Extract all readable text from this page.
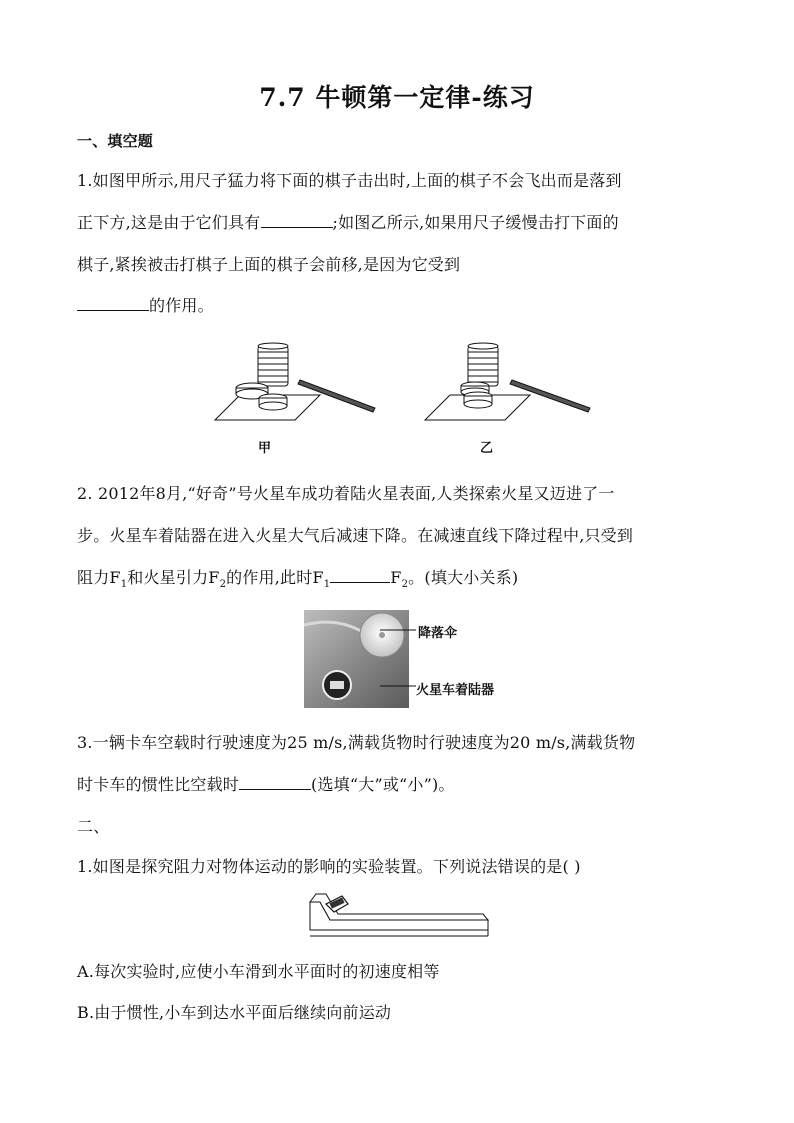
7.7 牛顿第一定律-练习
一、填空题
1.如图甲所示,用尺子猛力将下面的棋子击出时,上面的棋子不会飞出而是落到
正下方,这是由于它们具有	;如图乙所示,如果用尺子缓慢击打下面的
棋子,紧挨被击打棋子上面的棋子会前移,是因为它受到
的作用。
甲	乙
2. 2012年8月,“好奇”号火星车成功着陆火星表面,人类探索火星又迈进了一
步。火星车着陆器在进入火星大气后减速下降。在减速直线下降过程中,只受到
阻力$F_1$和火星引力$F_2$的作用,此时$F_1$	$F_2$。(填大小关系)
降落伞
火星车着陆器
3.一辆卡车空载时行驶速度为25 m/s,满载货物时行驶速度为20 m/s,满载货物
时卡车的惯性比空载时	(选填“大”或“小”)。
二、
1.如图是探究阻力对物体运动的影响的实验装置。下列说法错误的是( )
A.每次实验时,应使小车滑到水平面时的初速度相等
B.由于惯性,小车到达水平面后继续向前运动
